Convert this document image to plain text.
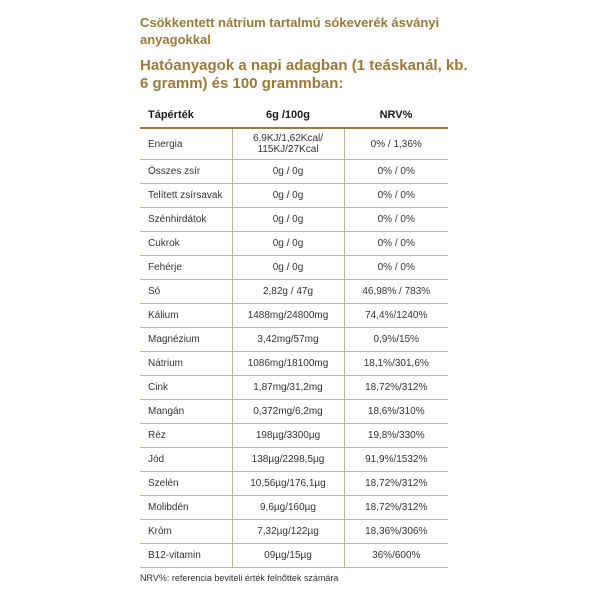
Csökkentett nátrium tartalmú sókeverék ásványi anyagokkal

Hatóanyagok a napi adagban (1 teáskanál, kb. 6 gramm) és 100 grammban:

Tápérték	6g /100g	NRV%
Energia	6,9KJ/1,62Kcal/ 115KJ/27Kcal	0% / 1,36%
Összes zsír	0g / 0g	0% / 0%
Telített zsírsavak	0g / 0g	0% / 0%
Szénhirdátok	0g / 0g	0% / 0%
Cukrok	0g / 0g	0% / 0%
Fehérje	0g / 0g	0% / 0%
Só	2,82g / 47g	46,98% / 783%
Kálium	1488mg/24800mg	74,4%/1240%
Magnézium	3,42mg/57mg	0,9%/15%
Nátrium	1086mg/18100mg	18,1%/301,6%
Cink	1,87mg/31,2mg	18,72%/312%
Mangán	0,372mg/6,2mg	18,6%/310%
Réz	198µg/3300µg	19,8%/330%
Jód	138µg/2298,5µg	91,9%/1532%
Szelén	10,56µg/176,1µg	18,72%/312%
Molibdén	9,6µg/160µg	18,72%/312%
Króm	7,32µg/122µg	18,36%/306%
B12-vitamin	09µg/15µg	36%/600%

NRV%: referencia beviteli érték felnőttek számára
